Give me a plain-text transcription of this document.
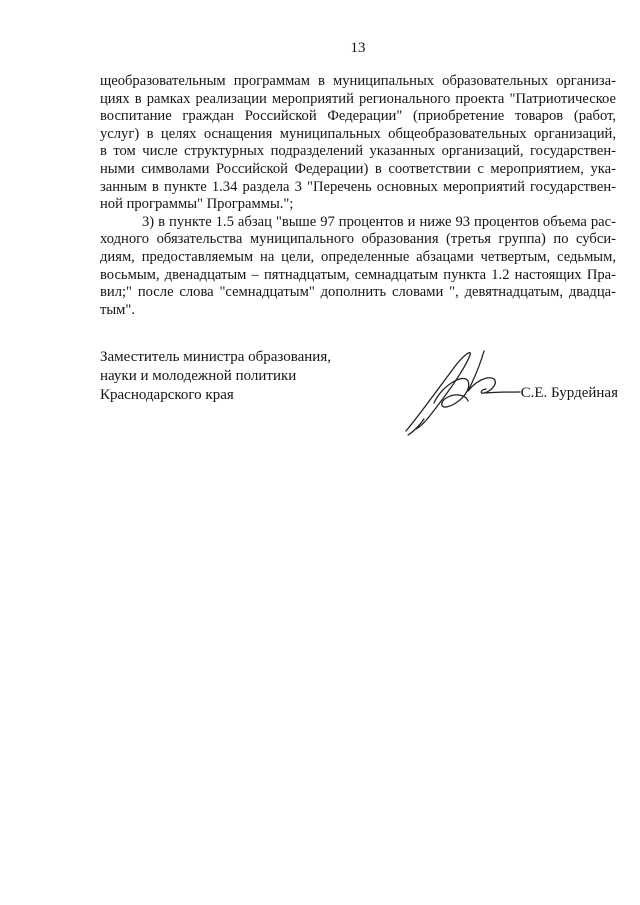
13
щеобразовательным программам в муниципальных образовательных организа-
циях в рамках реализации мероприятий регионального проекта "Патриотическое
воспитание граждан Российской Федерации" (приобретение товаров (работ,
услуг) в целях оснащения муниципальных общеобразовательных организаций,
в том числе структурных подразделений указанных организаций, государствен-
ными символами Российской Федерации) в соответствии с мероприятием, ука-
занным в пункте 1.34 раздела 3 "Перечень основных мероприятий государствен-
ной программы" Программы.";
3) в пункте 1.5 абзац "выше 97 процентов и ниже 93 процентов объема рас-
ходного обязательства муниципального образования (третья группа) по субси-
диям, предоставляемым на цели, определенные абзацами четвертым, седьмым,
восьмым, двенадцатым – пятнадцатым, семнадцатым пункта 1.2 настоящих Пра-
вил;" после слова "семнадцатым" дополнить словами ", девятнадцатым, двадца-
тым".
Заместитель министра образования,
науки и молодежной политики
Краснодарского края	С.Е. Бурдейная
